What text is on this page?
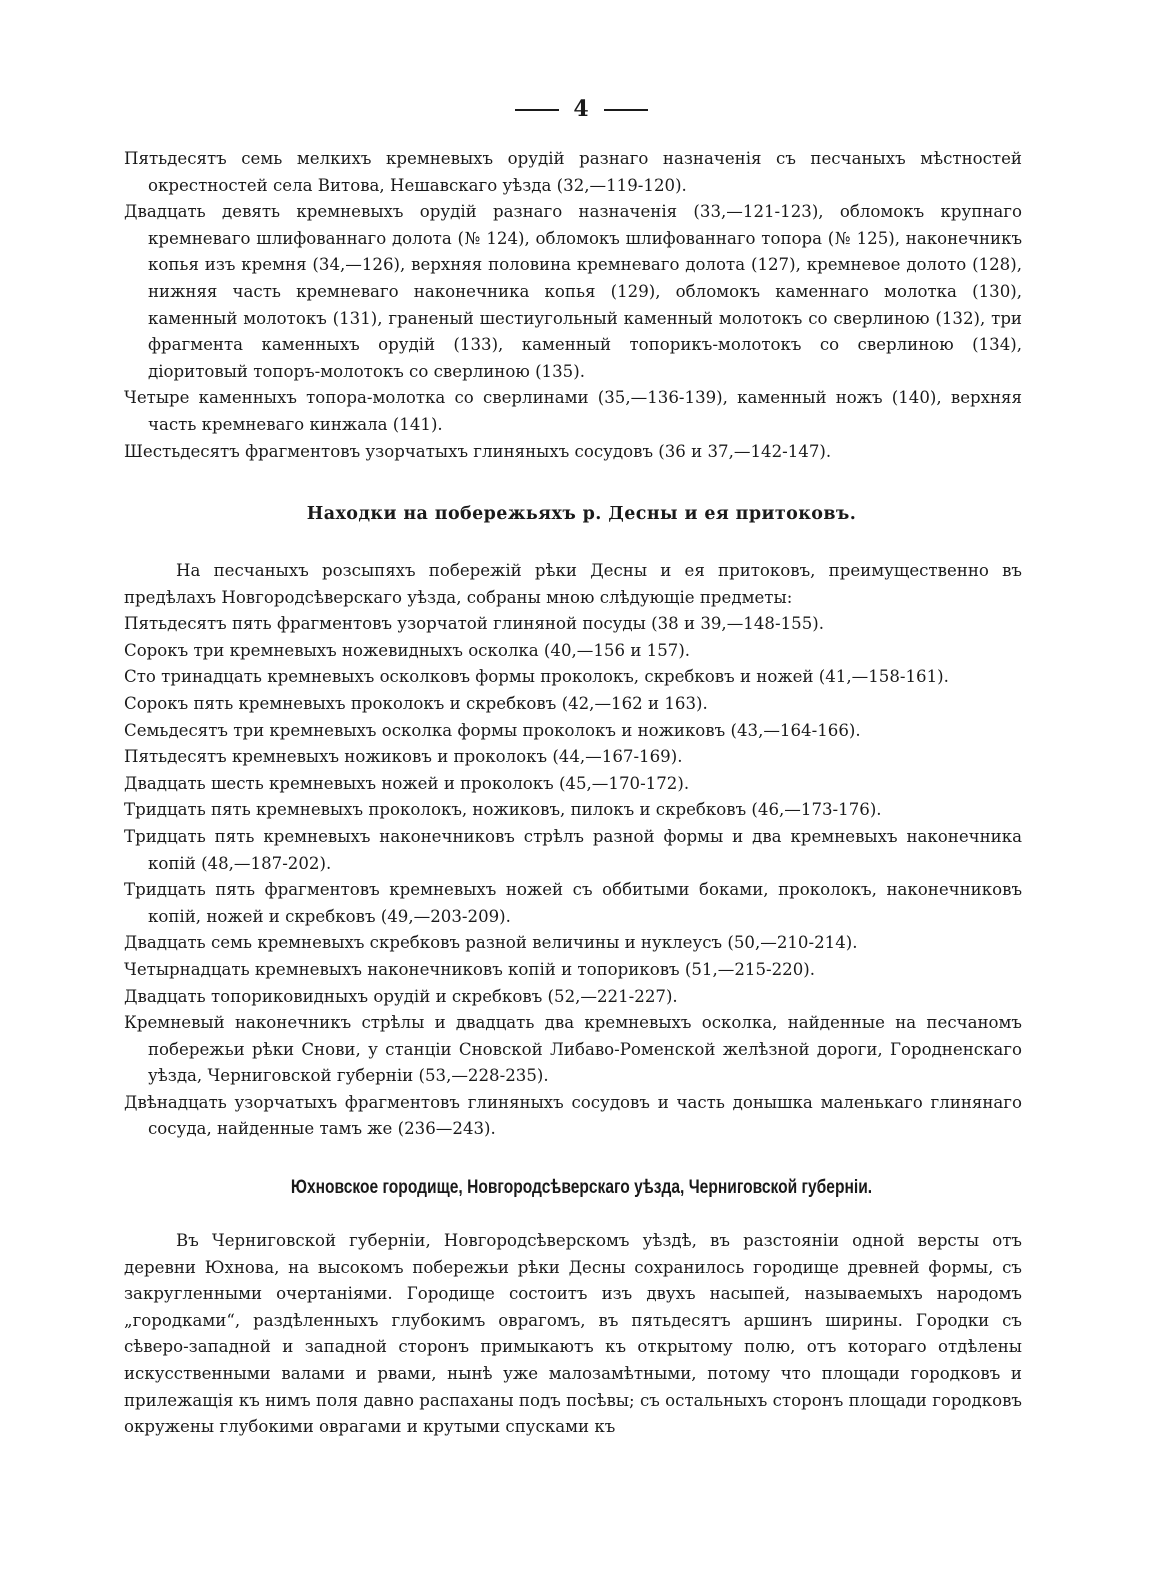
4

Пятьдесятъ семь мелкихъ кремневыхъ орудій разнаго назначенія съ песчаныхъ мѣстностей окрестностей села Витова, Нешавскаго уѣзда (32,—119-120).

Двадцать девять кремневыхъ орудій разнаго назначенія (33,—121-123), обломокъ крупнаго кремневаго шлифованнаго долота (№ 124), обломокъ шлифованнаго топора (№ 125), наконечникъ копья изъ кремня (34,—126), верхняя половина кремневаго долота (127), кремневое долото (128), нижняя часть кремневаго наконечника копья (129), обломокъ каменнаго молотка (130), каменный молотокъ (131), граненый шестиугольный каменный молотокъ со сверлиною (132), три фрагмента каменныхъ орудій (133), каменный топорикъ-молотокъ со сверлиною (134), діоритовый топоръ-молотокъ со сверлиною (135).

Четыре каменныхъ топора-молотка со сверлинами (35,—136-139), каменный ножъ (140), верхняя часть кремневаго кинжала (141).

Шестьдесятъ фрагментовъ узорчатыхъ глиняныхъ сосудовъ (36 и 37,—142-147).

Находки на побережьяхъ р. Десны и ея притоковъ.

На песчаныхъ розсыпяхъ побережій рѣки Десны и ея притоковъ, преимущественно въ предѣлахъ Новгородсѣверскаго уѣзда, собраны мною слѣдующіе предметы:

Пятьдесятъ пять фрагментовъ узорчатой глиняной посуды (38 и 39,—148-155).

Сорокъ три кремневыхъ ножевидныхъ осколка (40,—156 и 157).

Сто тринадцать кремневыхъ осколковъ формы проколокъ, скребковъ и ножей (41,—158-161).

Сорокъ пять кремневыхъ проколокъ и скребковъ (42,—162 и 163).

Семьдесятъ три кремневыхъ осколка формы проколокъ и ножиковъ (43,—164-166).

Пятьдесятъ кремневыхъ ножиковъ и проколокъ (44,—167-169).

Двадцать шесть кремневыхъ ножей и проколокъ (45,—170-172).

Тридцать пять кремневыхъ проколокъ, ножиковъ, пилокъ и скребковъ (46,—173-176).

Тридцать пять кремневыхъ наконечниковъ стрѣлъ разной формы и два кремневыхъ наконечника копій (48,—187-202).

Тридцать пять фрагментовъ кремневыхъ ножей съ оббитыми боками, проколокъ, наконечниковъ копій, ножей и скребковъ (49,—203-209).

Двадцать семь кремневыхъ скребковъ разной величины и нуклеусъ (50,—210-214).

Четырнадцать кремневыхъ наконечниковъ копій и топориковъ (51,—215-220).

Двадцать топориковидныхъ орудій и скребковъ (52,—221-227).

Кремневый наконечникъ стрѣлы и двадцать два кремневыхъ осколка, найденные на песчаномъ побережьи рѣки Снови, у станціи Сновской Либаво-Роменской желѣзной дороги, Городненскаго уѣзда, Черниговской губерніи (53,—228-235).

Двѣнадцать узорчатыхъ фрагментовъ глиняныхъ сосудовъ и часть донышка маленькаго глинянаго сосуда, найденные тамъ же (236—243).

Юхновское городище, Новгородсѣверскаго уѣзда, Черниговской губерніи.

Въ Черниговской губерніи, Новгородсѣверскомъ уѣздѣ, въ разстояніи одной версты отъ деревни Юхнова, на высокомъ побережьи рѣки Десны сохранилось городище древней формы, съ закругленными очертаніями. Городище состоитъ изъ двухъ насыпей, называемыхъ народомъ „городками“, раздѣленныхъ глубокимъ оврагомъ, въ пятьдесятъ аршинъ ширины. Городки съ сѣверо-западной и западной сторонъ примыкаютъ къ открытому полю, отъ котораго отдѣлены искусственными валами и рвами, нынѣ уже малозамѣтными, потому что площади городковъ и прилежащія къ нимъ поля давно распаханы подъ посѣвы; съ остальныхъ сторонъ площади городковъ окружены глубокими оврагами и крутыми спусками къ
